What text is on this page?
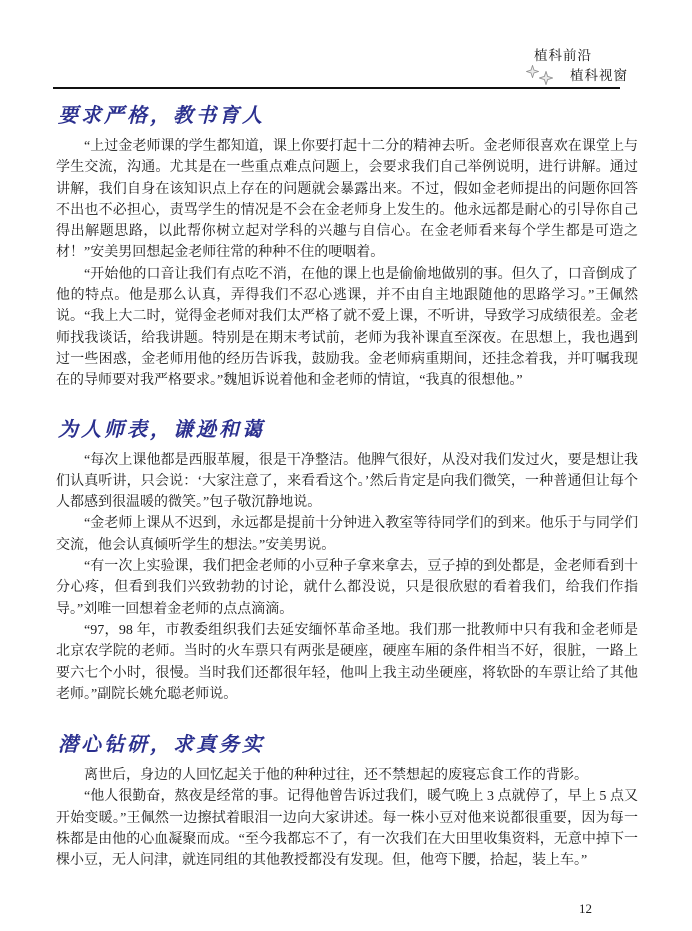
植科前沿
植科视窗
要求严格，教书育人

“上过金老师课的学生都知道，课上你要打起十二分的精神去听。金老师很喜欢在课堂上与学生交流，沟通。尤其是在一些重点难点问题上，会要求我们自己举例说明，进行讲解。通过讲解，我们自身在该知识点上存在的问题就会暴露出来。不过，假如金老师提出的问题你回答不出也不必担心，责骂学生的情况是不会在金老师身上发生的。他永远都是耐心的引导你自己得出解题思路，以此帮你树立起对学科的兴趣与自信心。在金老师看来每个学生都是可造之材！”安美男回想起金老师往常的种种不住的哽咽着。

“开始他的口音让我们有点吃不消，在他的课上也是偷偷地做别的事。但久了，口音倒成了他的特点。他是那么认真，弄得我们不忍心逃课，并不由自主地跟随他的思路学习。”王佩然说。“我上大二时，觉得金老师对我们太严格了就不爱上课，不听讲，导致学习成绩很差。金老师找我谈话，给我讲题。特别是在期末考试前，老师为我补课直至深夜。在思想上，我也遇到过一些困惑，金老师用他的经历告诉我，鼓励我。金老师病重期间，还挂念着我，并叮嘱我现在的导师要对我严格要求。”魏旭诉说着他和金老师的情谊，“我真的很想他。”

为人师表，谦逊和蔼

“每次上课他都是西服革履，很是干净整洁。他脾气很好，从没对我们发过火，要是想让我们认真听讲，只会说：‘大家注意了，来看看这个。’然后肯定是向我们微笑，一种普通但让每个人都感到很温暖的微笑。”包子敬沉静地说。

“金老师上课从不迟到，永远都是提前十分钟进入教室等待同学们的到来。他乐于与同学们交流，他会认真倾听学生的想法。”安美男说。

“有一次上实验课，我们把金老师的小豆种子拿来拿去，豆子掉的到处都是，金老师看到十分心疼，但看到我们兴致勃勃的讨论，就什么都没说，只是很欣慰的看着我们，给我们作指导。”刘唯一回想着金老师的点点滴滴。

“97，98 年，市教委组织我们去延安缅怀革命圣地。我们那一批教师中只有我和金老师是北京农学院的老师。当时的火车票只有两张是硬座，硬座车厢的条件相当不好，很脏，一路上要六七个小时，很慢。当时我们还都很年轻，他叫上我主动坐硬座，将软卧的车票让给了其他老师。”副院长姚允聪老师说。

潜心钻研，求真务实

离世后，身边的人回忆起关于他的种种过往，还不禁想起的废寝忘食工作的背影。

“他人很勤奋，熬夜是经常的事。记得他曾告诉过我们，暖气晚上 3 点就停了，早上 5 点又开始变暖。”王佩然一边擦拭着眼泪一边向大家讲述。每一株小豆对他来说都很重要，因为每一株都是由他的心血凝聚而成。“至今我都忘不了，有一次我们在大田里收集资料，无意中掉下一棵小豆，无人问津，就连同组的其他教授都没有发现。但，他弯下腰，拾起，装上车。”

12
